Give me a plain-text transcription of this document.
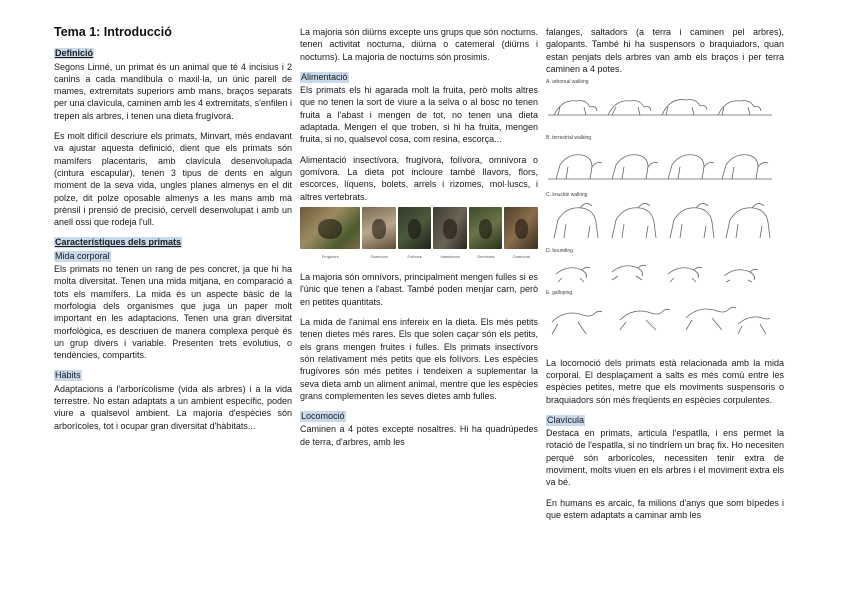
Tema 1: Introducció
Definició

Segons Linné, un primat és un animal que té 4 incisius i 2 canins a cada mandíbula o maxil·la, un únic parell de mames, extremitats superiors amb mans, braços separats per una clavícula, caminen amb les 4 extremitats, s'enfilen i trepen als arbres, i tenen una dieta frugívora.

Es molt difícil descriure els primats, Minvart, més endavant va ajustar aquesta definició, dient que els primats són mamífers placentaris, amb clavícula desenvolupada (cintura escapular), tenen 3 tipus de dents en algun moment de la seva vida, ungles planes almenys en el dit polze, dit polze oposable almenys a les mans amb mà prènsil i prensió de precisió, cervell desenvolupat i amb un anell ossi que rodeja l'ull.

Característiques dels primats
Mida corporal

Els primats no tenen un rang de pes concret, ja que hi ha molta diversitat. Tenen una mida mitjana, en comparació a tots els mamífers. La mida és un aspecte bàsic de la morfologia dels organismes que juga un paper molt important en les adaptacions. Tenen una gran diversitat morfològica, es descriuen de manera complexa perquè és un grup divers i variable. Presenten trets evolutius, o tendències, compartits.

Hàbits

Adaptacions a l'arborícolisme (vida als arbres) i a la vida terrestre. No estan adaptats a un ambient específic, poden viure a qualsevol ambient. La majoria d'espècies són arborícoles, tot i ocupar gran diversitat d'hàbitats...

La majoria són diürns excepte uns grups que són nocturns. tenen activitat nocturna, diürna o catemeral (diürns i nocturns). La majoria de nocturns són prosimis.

Alimentació

Els primats els hi agarada molt la fruita, però molts altres que no tenen la sort de viure a la selva o al bosc no tenen fruita a l'abast i mengen de tot, no tenen una dieta adaptada. Mengen el que troben, si hi ha fruita, mengen fruita, si no, qualsevol cosa, com resina, escorça...

Alimentació insectívora, frugívora, folívora, omnívora o gomívora. La dieta pot incloure també llavors, flors, escorces, líquens, bolets, arrels i rizomes, mol·luscs, i altres vertebrats.

Frugívors	Gomívors	Folívors	Insectívors	Omnívors	Carnívors

La majoria són omnívors, principalment mengen fulles si es l'únic que tenen a l'abast. També poden menjar carn, però en petites quantitats.

La mida de l'animal ens infereix en la dieta. Els més petits tenen dietes més rares. Els que solen caçar són els petits, els grans mengen fruites i fulles. Els primats insectívors són relativament més petits que els folívors. Les espècies frugívores són més petites i tendeixen a suplementar la seva dieta amb un aliment animal, mentre que les espècies grans complementen les seves dietes amb fulles.

Locomoció

Caminen a 4 potes excepte nosaltres. Hi ha quadrúpedes de terra, d'arbres, amb les

falanges, saltadors (a terra i caminen pel arbres), galopants. També hi ha suspensors o braquiadors, quan estan penjats dels arbres van amb els braços i per terra caminen a 4 potes.

A. arboreal walking
B. terrestrial walking
C. knuckle walking
D. bounding
E. galloping

La locomoció dels primats està relacionada amb la mida corporal. El desplaçament a salts es més comú entre les espècies petites, metre que els moviments suspensoris o braquiadors són més freqüents en espècies corpulentes.

Clavícula

Destaca en primats, articula l'espatlla, i ens permet la rotació de l'espatlla, si no tindríem un braç fix. Ho necesiten perquè són arborícoles, necessiten tenir extra de moviment, molts viuen en els arbres i el moviment extra els va bé.

En humans es arcaic, fa milions d'anys que som bípedes i que estem adaptats a caminar amb les
